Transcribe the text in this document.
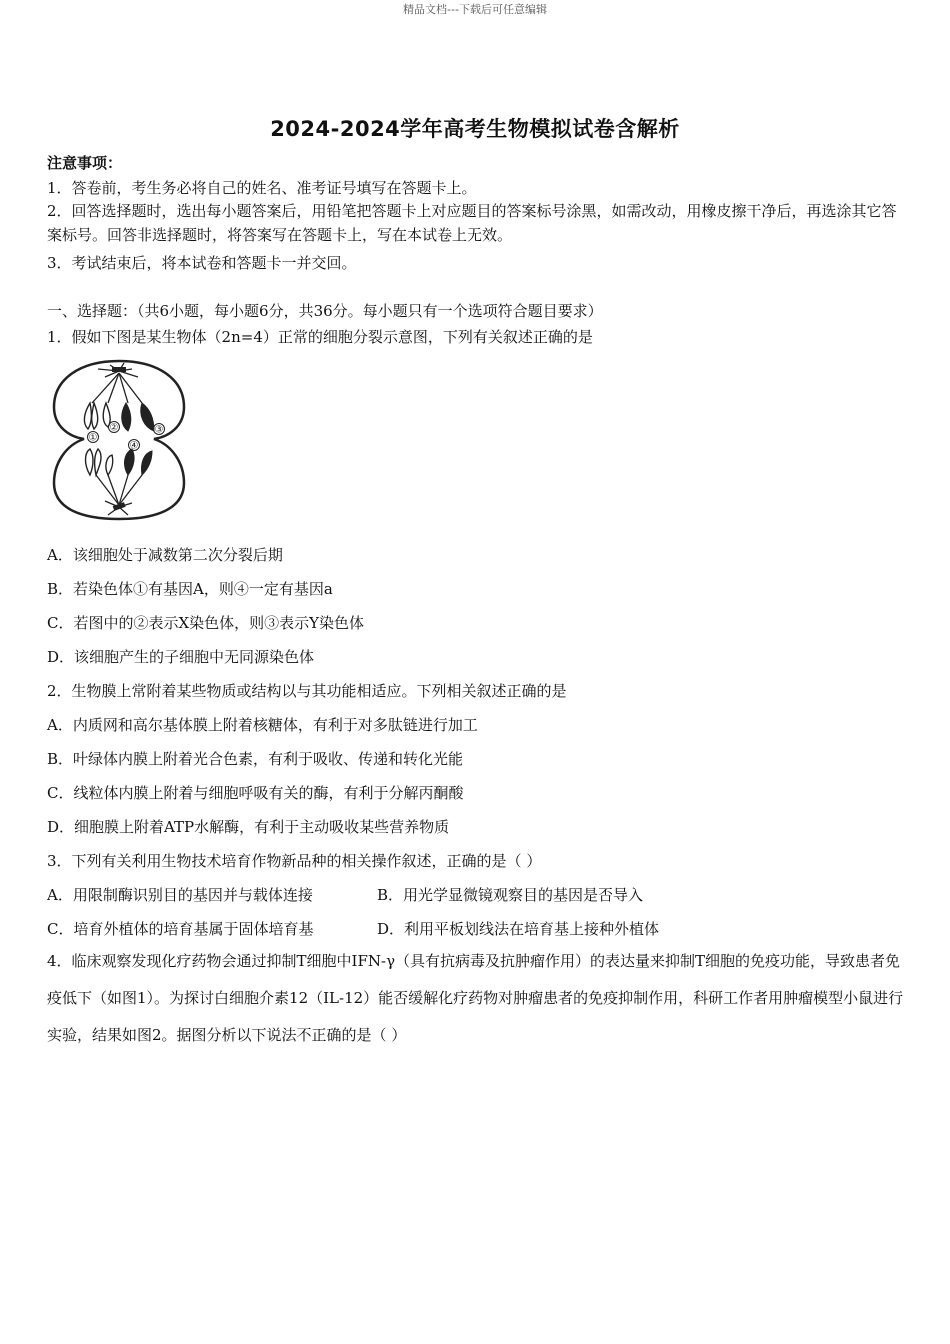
精品文档---下载后可任意编辑
2024-2024学年高考生物模拟试卷含解析
注意事项：
1．答卷前，考生务必将自己的姓名、准考证号填写在答题卡上。
2．回答选择题时，选出每小题答案后，用铅笔把答题卡上对应题目的答案标号涂黑，如需改动，用橡皮擦干净后，再选涂其它答案标号。回答非选择题时，将答案写在答题卡上，写在本试卷上无效。
3．考试结束后，将本试卷和答题卡一并交回。
一、选择题：（共6小题，每小题6分，共36分。每小题只有一个选项符合题目要求）
1．假如下图是某生物体（2n=4）正常的细胞分裂示意图，下列有关叙述正确的是
①
②	③
④
A．该细胞处于减数第二次分裂后期
B．若染色体①有基因A，则④一定有基因a
C．若图中的②表示X染色体，则③表示Y染色体
D．该细胞产生的子细胞中无同源染色体
2．生物膜上常附着某些物质或结构以与其功能相适应。下列相关叙述正确的是
A．内质网和高尔基体膜上附着核糖体，有利于对多肽链进行加工
B．叶绿体内膜上附着光合色素，有利于吸收、传递和转化光能
C．线粒体内膜上附着与细胞呼吸有关的酶，有利于分解丙酮酸
D．细胞膜上附着ATP水解酶，有利于主动吸收某些营养物质
3．下列有关利用生物技术培育作物新品种的相关操作叙述，正确的是（ ）
A．用限制酶识别目的基因并与载体连接	B．用光学显微镜观察目的基因是否导入
C．培育外植体的培育基属于固体培育基	D．利用平板划线法在培育基上接种外植体
4．临床观察发现化疗药物会通过抑制T细胞中IFN-γ（具有抗病毒及抗肿瘤作用）的表达量来抑制T细胞的免疫功能，导致患者免疫低下（如图1）。为探讨白细胞介素12（IL-12）能否缓解化疗药物对肿瘤患者的免疫抑制作用，科研工作者用肿瘤模型小鼠进行实验，结果如图2。据图分析以下说法不正确的是（ ）
